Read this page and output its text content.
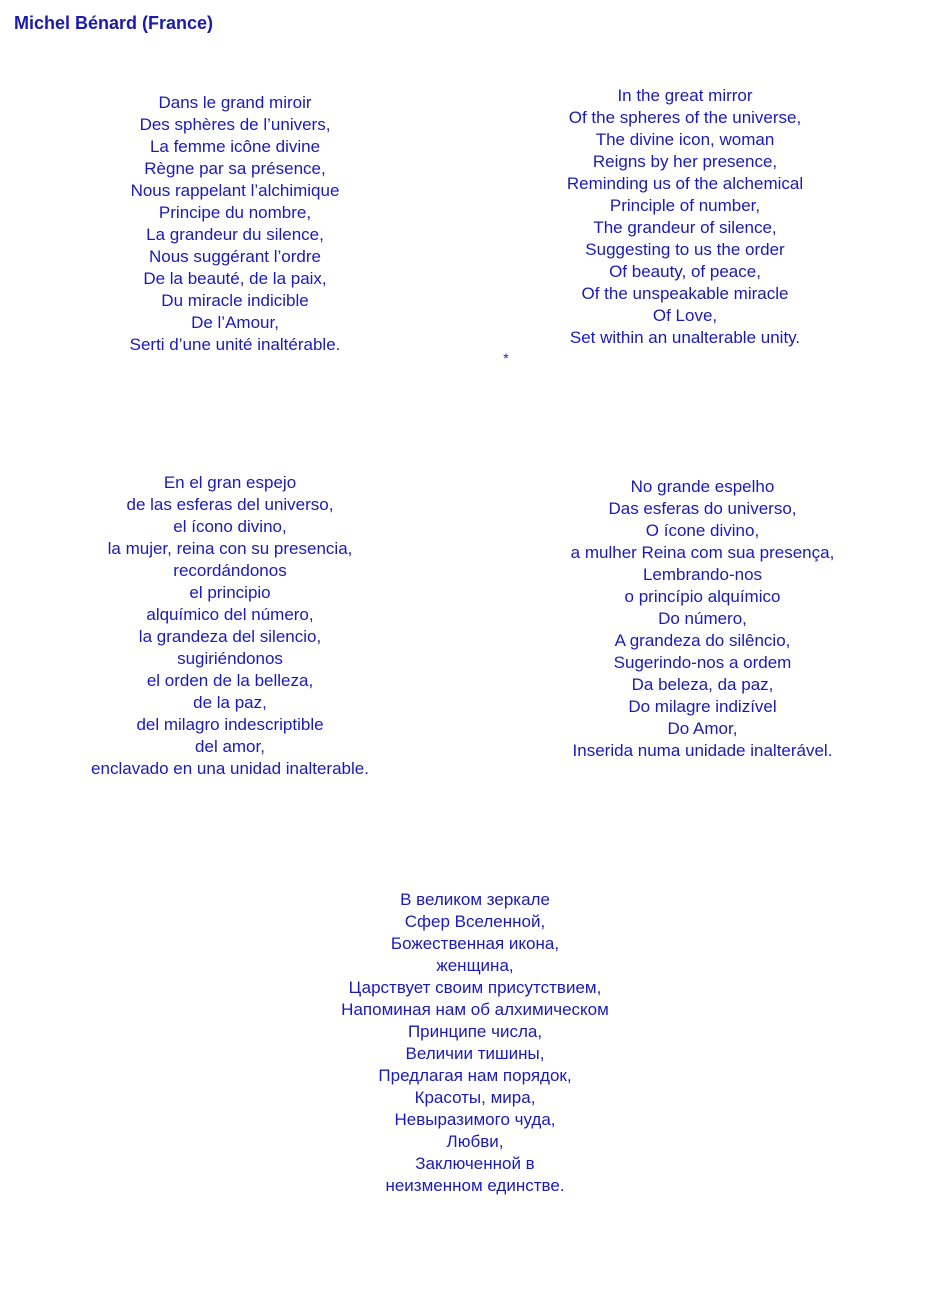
Michel Bénard (France)
Dans le grand miroir
Des sphères de l’univers,
La femme icône divine
Règne par sa présence,
Nous rappelant l’alchimique
Principe du nombre,
La grandeur du silence,
Nous suggérant l’ordre
De la beauté, de la paix,
Du miracle indicible
De l’Amour,
Serti d’une unité inaltérable.
In the great mirror
Of the spheres of the universe,
The divine icon, woman
Reigns by her presence,
Reminding us of the alchemical
Principle of number,
The grandeur of silence,
Suggesting to us the order
Of beauty, of peace,
Of the unspeakable miracle
Of Love,
Set within an unalterable unity.
*
En el gran espejo
de las esferas del universo,
el ícono divino,
la mujer, reina con su presencia,
recordándonos
el principio
alquímico del número,
la grandeza del silencio,
sugiriéndonos
el orden de la belleza,
de la paz,
del milagro indescriptible
del amor,
enclavado en una unidad inalterable.
No grande espelho
Das esferas do universo,
O ícone divino,
a mulher Reina com sua presença,
Lembrando-nos
o princípio alquímico
Do número,
A grandeza do silêncio,
Sugerindo-nos a ordem
Da beleza, da paz,
Do milagre indizível
Do Amor,
Inserida numa unidade inalterável.
В великом зеркале
Сфер Вселенной,
Божественная икона,
женщина,
Царствует своим присутствием,
Напоминая нам об алхимическом
Принципе числа,
Величии тишины,
Предлагая нам порядок,
Красоты, мира,
Невыразимого чуда,
Любви,
Заключенной в
неизменном единстве.
